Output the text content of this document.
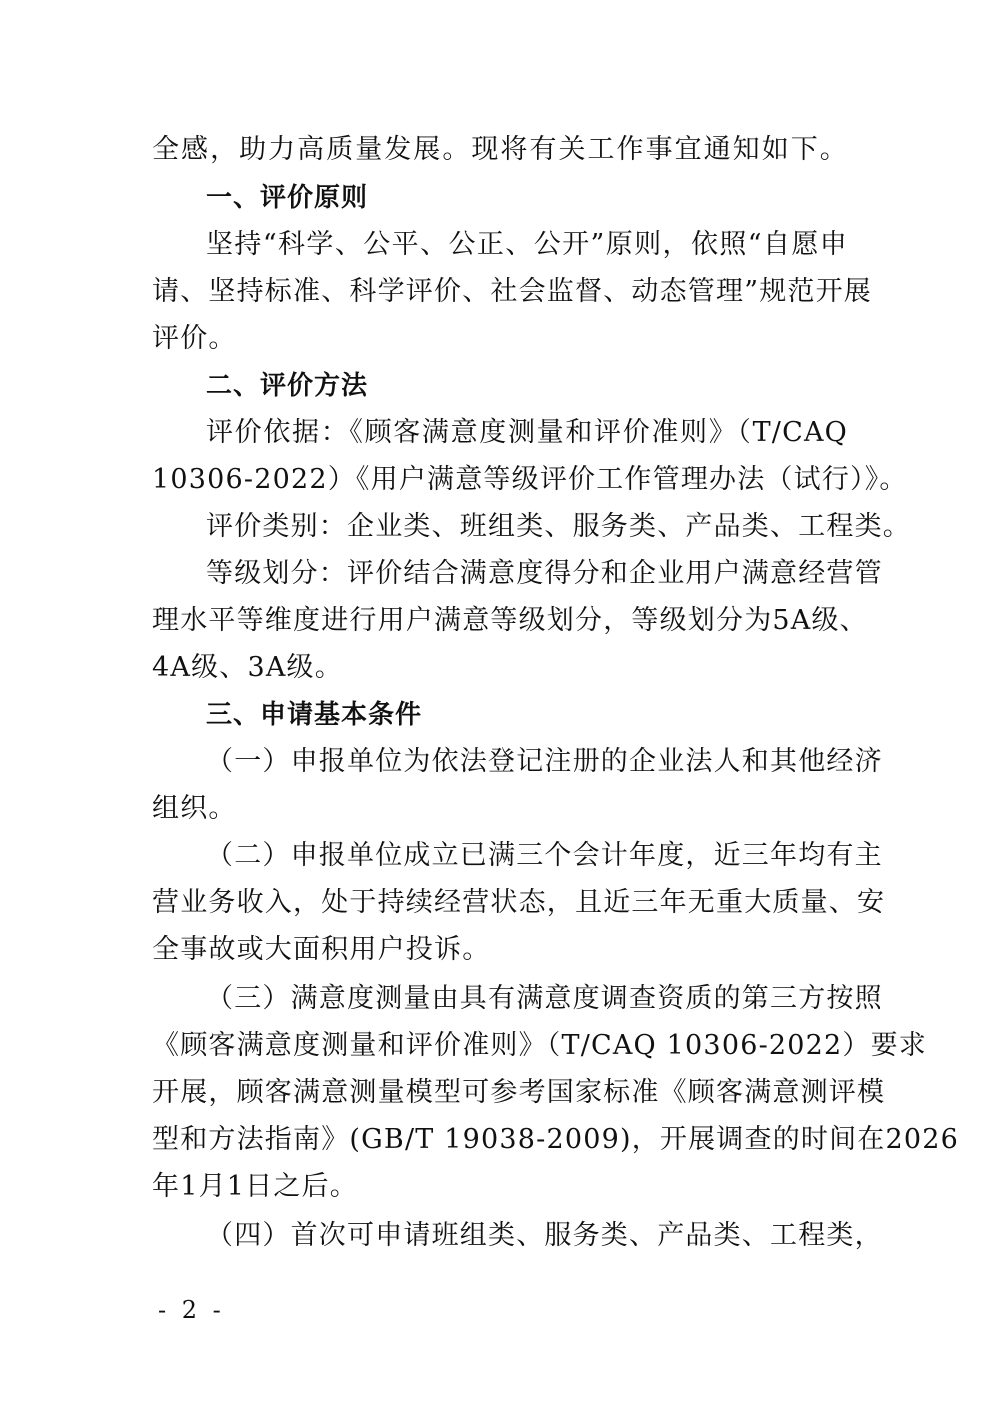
全感，助力高质量发展。现将有关工作事宜通知如下。
一、评价原则
坚持“科学、公平、公正、公开”原则，依照“自愿申
请、坚持标准、科学评价、社会监督、动态管理”规范开展
评价。
二、评价方法
评价依据：《顾客满意度测量和评价准则》（T/CAQ
10306-2022）《用户满意等级评价工作管理办法（试行）》。
评价类别：企业类、班组类、服务类、产品类、工程类。
等级划分：评价结合满意度得分和企业用户满意经营管
理水平等维度进行用户满意等级划分，等级划分为5A级、
4A级、3A级。
三、申请基本条件
（一）申报单位为依法登记注册的企业法人和其他经济
组织。
（二）申报单位成立已满三个会计年度，近三年均有主
营业务收入，处于持续经营状态，且近三年无重大质量、安
全事故或大面积用户投诉。
（三）满意度测量由具有满意度调查资质的第三方按照
《顾客满意度测量和评价准则》（T/CAQ 10306-2022）要求
开展，顾客满意测量模型可参考国家标准《顾客满意测评模
型和方法指南》(GB/T 19038-2009)，开展调查的时间在2026
年1月1日之后。
（四）首次可申请班组类、服务类、产品类、工程类，
- 2 -
